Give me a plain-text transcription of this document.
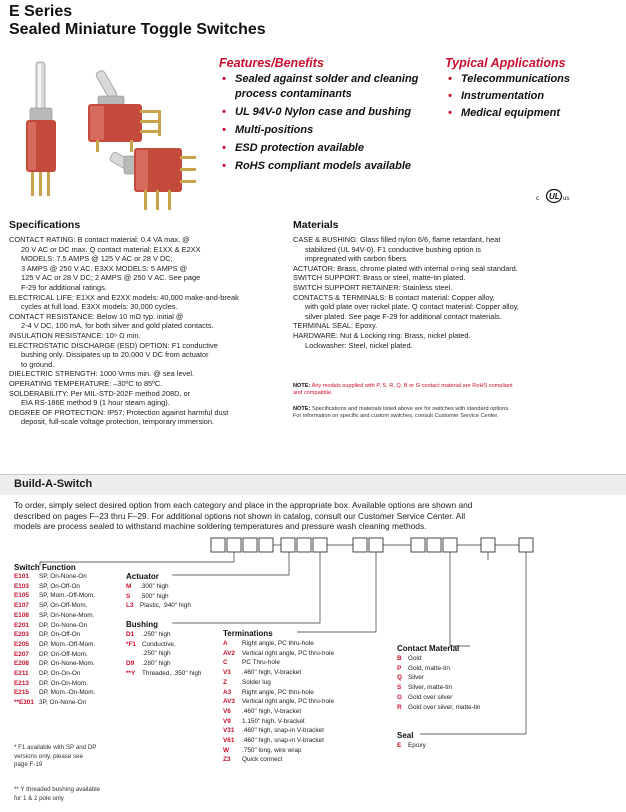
E Series
Sealed Miniature Toggle Switches
Features/Benefits
• Sealed against solder and cleaning
process contaminants
• UL 94V-0 Nylon case and bushing
• Multi-positions
• ESD protection available
• RoHS compliant models available
Typical Applications
• Telecommunications
• Instrumentation
• Medical equipment
c UL us
Specifications
CONTACT RATING: B contact material: 0.4 VA max. @
20 V AC or DC max. Q contact material: E1XX & E2XX
MODELS: 7.5 AMPS @ 125 V AC or 28 V DC;
3 AMPS @ 250 V AC. E3XX MODELS: 5 AMPS @
125 V AC or 28 V DC; 2 AMPS @ 250 V AC. See page
F-29 for additional ratings.
ELECTRICAL LIFE: E1XX and E2XX models: 40,000 make-and-break
cycles at full load. E3XX models: 30,000 cycles.
CONTACT RESISTANCE: Below 10 mΩ typ. initial @
2-4 V DC, 100 mA, for both silver and gold plated contacts.
INSULATION RESISTANCE: 10⁹ Ω min.
ELECTROSTATIC DISCHARGE (ESD) OPTION: F1 conductive
bushing only. Dissipates up to 20,000 V DC from actuator
to ground.
DIELECTRIC STRENGTH: 1000 Vrms min. @ sea level.
OPERATING TEMPERATURE: –30ºC to 85ºC.
SOLDERABILITY: Per MIL-STD-202F method 208D, or
EIA RS-186E method 9 (1 hour steam aging).
DEGREE OF PROTECTION: IP57; Protection against harmful dust
deposit, full-scale voltage protection, temporary immersion.
Materials
CASE & BUSHING: Glass filled nylon 6/6, flame retardant, heat
stabilized (UL 94V-0). F1 conductive bushing option is
impregnated with carbon fibers.
ACTUATOR: Brass, chrome plated with internal o-ring seal standard.
SWITCH SUPPORT: Brass or steel, matte-tin plated.
SWITCH SUPPORT RETAINER: Stainless steel.
CONTACTS & TERMINALS: B contact material: Copper alloy,
with gold plate over nickel plate. Q contact material: Copper alloy,
silver plated. See page F-29 for additional contact materials.
TERMINAL SEAL: Epoxy.
HARDWARE: Nut & Locking ring: Brass, nickel plated.
Lockwasher: Steel, nickel plated.
NOTE: Any models supplied with P, S, R, Q, B or G contact material are RoHS compliant
and compatible.
NOTE: Specifications and materials listed above are for switches with standard options.
For information on specific and custom switches, consult Customer Service Center.
Build-A-Switch
To order, simply select desired option from each category and place in the appropriate box. Available options are shown and
described on pages F–23 thru F–29. For additional options not shown in catalog, consult our Customer Service Center. All
models are process sealed to withstand machine soldering temperatures and pressure wash cleaning methods.
Switch Function
E101 SP, On-None-On
E103 SP, On-Off-On
E105 SP, Mom.-Off-Mom.
E107 SP, On-Off-Mom.
E108 SP, On-None-Mom.
E201 DP, On-None-On
E203 DP, On-Off-On
E205 DP, Mom.-Off-Mom.
E207 DP, On-Off-Mom.
E208 DP, On-None-Mom.
E211 DP, On-On-On
E213 DP, On-On-Mom.
E215 DP, Mom.-On-Mom.
**E301 3P, On-None-On
* F1 available with SP and DP
versions only, please see
page F-19
** Y threaded bushing available
for 1 & 2 pole only
Actuator
M .300" high
S .500" high
L3 Plastic, .940" high
Bushing
D1 .250" high
*F1 Conductive,
.250" high
D9 .280" high
**Y Threaded, .350" high
Terminations
A Right angle, PC thru-hole
AV2 Vertical right angle, PC thru-hole
C PC Thru-hole
V3 .460" high, V-bracket
Z Solder lug
A3 Right angle, PC thru-hole
AV3 Vertical right angle, PC thru-hole
V6 .460" high, V-bracket
V9 1.150" high, V-bracket
V31 .460" high, snap-in V-bracket
V61 .460" high, snap-in V-bracket
W .750" long, wire wrap
Z3 Quick connect
Contact Material
B Gold
P Gold, matte-tin
Q Silver
S Silver, matte-tin
G Gold over silver
R Gold over silver, matte-tin
Seal
E Epoxy
